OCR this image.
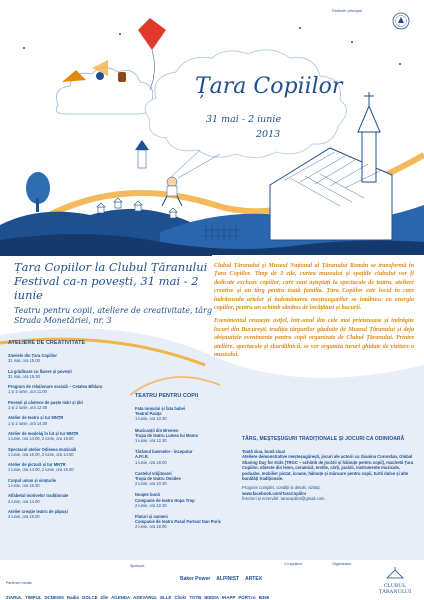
Țara Copiilor
31 mai - 2 iunie
2013
Partener principal
Țara Copiilor la Clubul Țăranului
Festival ca-n povești, 31 mai - 2 iunie
Teatru pentru copii, ateliere de creativitate, târg
Strada Monetăriei, nr. 3
Clubul Țăranului și Muzeul Național al Țăranului Român se transformă în Țara Copiilor. Timp de 3 zile, curtea muzeului și spațiile clubului vor fi dedicate exclusiv copiilor, care sunt așteptați la spectacole de teatru, ateliere creative și un târg pentru toată familia. Țara Copiilor este locul în care îndrăzneala artelor și îndemânarea meșteșugarilor se întâlnesc cu energia copiilor, pentru un schimb sănătos de învățături și bucurii.
Evenimentul reunește astfel, într-unul din cele mai prietenoase și îndrăgite locuri din București, tradiția târgurilor găzduite de Muzeul Țăranului și deja obișnuitele evenimente pentru copii organizate de Clubul Țăranului. Printre ateliere, spectacole și zburdălnicii, se vor organiza tururi ghidate de vizitare a muzeului.
ATELIERE DE CREATIVITATE
Zmeiele din Țara Copiilor
31 mai, ora 15.00
La grădinare cu flaiere și povești
31 mai, ora 15.30
Program de relaționare socială – Cetatea Bîldaru
1 și 2 iunie, ora 11.00
Povești și cântece de paște mări și țări
1 și 2 iunie, ora 12.00
Atelier de teatru și tur MNȚR
1 și 2 iunie, ora 14.00
Atelier de modelaj în lut și tur MNȚR
1 iunie, ora 14.00, 2 iunie, ora 16.00
Spectacol atelier Odiseea muzicală
1 iunie, ora 16.00, 2 iunie, ora 14.00
Atelier de pictură și tur MNȚR
1 iunie, ora 14.00, 2 iunie, ora 16.00
Corpul uman și simțurile
1 iunie, ora 16.30
Alfabetul motivelor tradiționale
2 iunie, ora 14.00
Atelier creație teatru de păpuși
2 iunie, ora 16.00
TEATRU PENTRU COPII
Fata moșului și fata babei
Teatrul Paiața
1 iunie, ora 10.30
Muzicanții din Bremen
Trupa de teatru Lumea lui Momo
1 iunie, ora 12.30
Târâmul basmelor - începutur
A.P.I.R.
1 iunie, ora 19.00
Castelul vrăjitoarei
Trupa de teatru Omidee
2 iunie, ora 10.30
Noapte bună
Companie de teatru Hopa Trop
2 iunie, ora 12.30
Fluturi și oameni
Companie de teatru Pasul Partout Dan Puric
2 iunie, ora 19.00
TÂRG, MEȘTEȘUGURI TRADIȚIONALE ȘI JOCURI CA ODINIOARĂ
Toată ziua, bună ziua!
Ateliere demonstrative meșteșugărești, jocuri ale actorii cu Gianina Corondan, Global Sharing Day for Kids (TROC – schimb de jocării și hăinuțe pentru copii), machetă Țara Copiilor, obiecte din lemn, ceramică, textile, cărți, jucării, instrumente muzicale, podoabe, mobilier pictat, icoane, hăinuțe și mâncare pentru copii, turtă dulce și alte bunătăți tradiționale.
Program complet, condiții și detalii, vizitați:
www.facebook.com/TaraCopiilor
Înscrieri și rezervări: taracopiilor@gmail.com
Sponsori:
Baker Power ALPINIST ARTEX
Co-sprijinul:	Organizator:
CLUBUL ȚĂRANULUI
Parteneri media:
ZIARUL TIMPUL DCNEWS Radio DOLCE Zile AGENDA ADEVARUL ELLE Click! TOTB IEEDIA IHAPP PORT.ro B365
